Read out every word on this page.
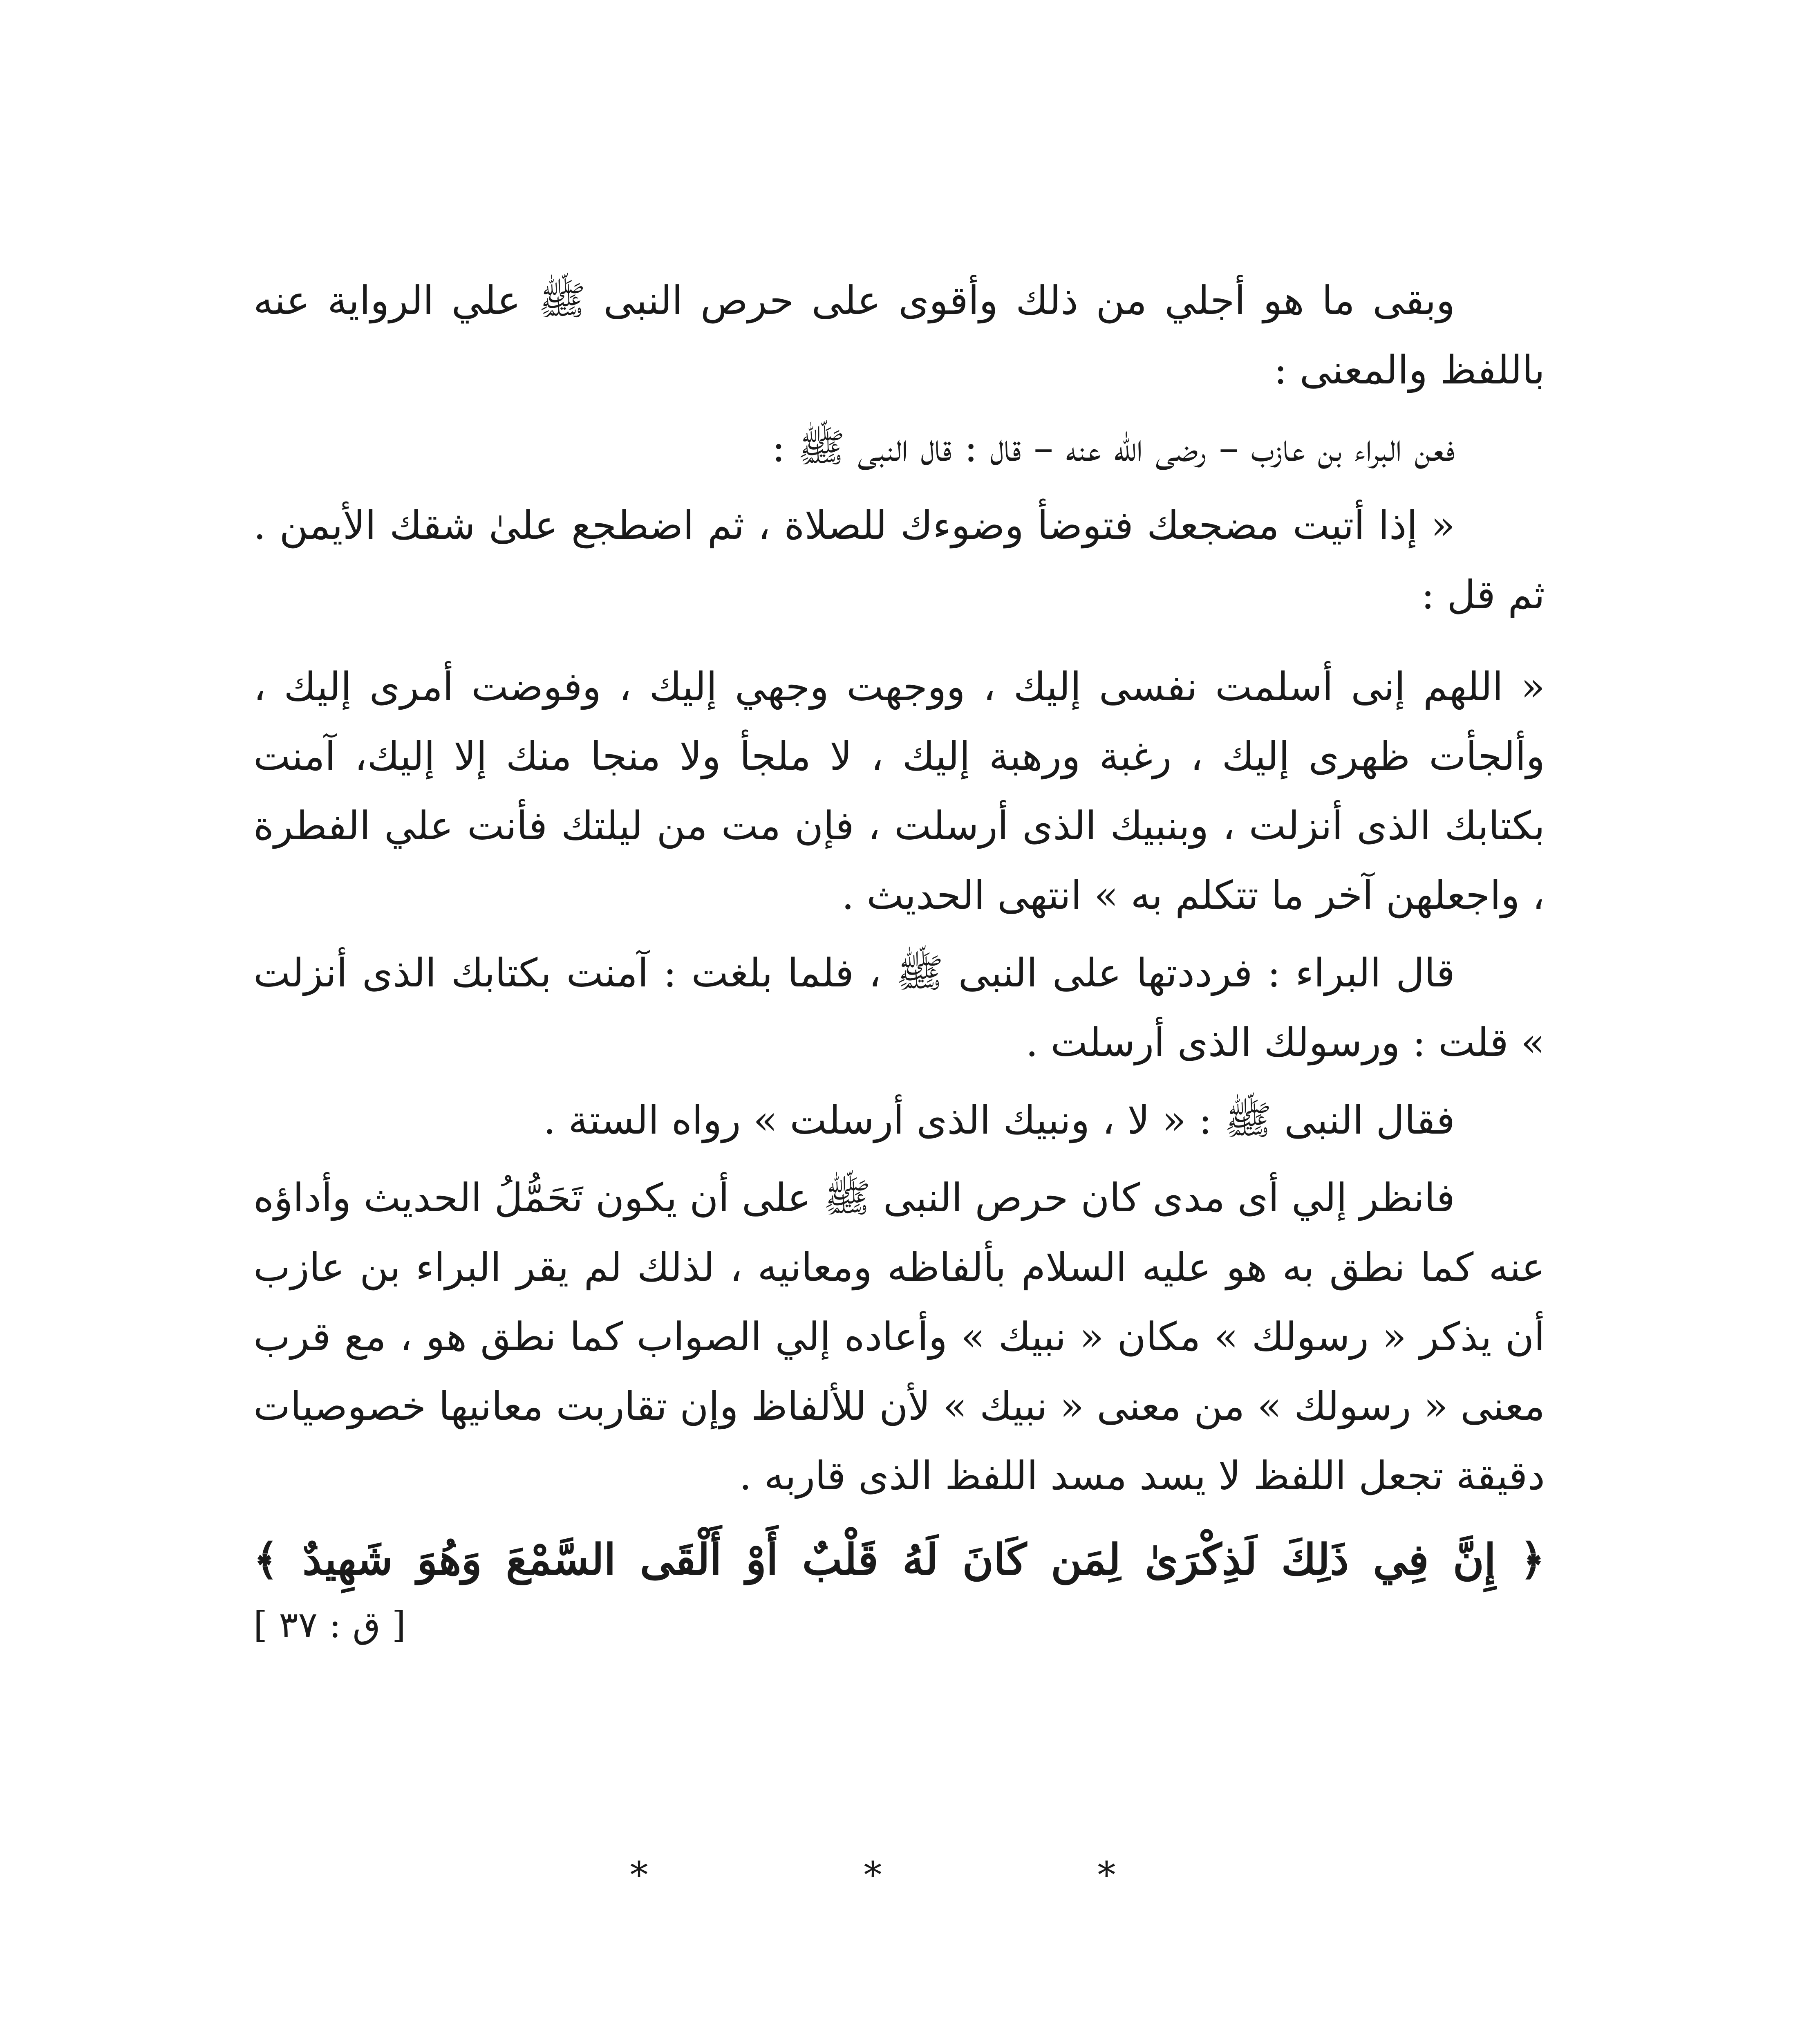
وبقى ما هو أجلي من ذلك وأقوى على حرص النبى ﷺ علي الرواية عنه باللفظ والمعنى :

فعن البراء بن عازب – رضى الله عنه – قال : قال النبى ﷺ :

« إذا أتيت مضجعك فتوضأ وضوءك للصلاة ، ثم اضطجع علىٰ شقك الأيمن . ثم قل :

« اللهم إنى أسلمت نفسى إليك ، ووجهت وجهي إليك ، وفوضت أمرى إليك ، وألجأت ظهرى إليك ، رغبة ورهبة إليك ، لا ملجأ ولا منجا منك إلا إليك، آمنت بكتابك الذى أنزلت ، وبنبيك الذى أرسلت ، فإن مت من ليلتك فأنت علي الفطرة ، واجعلهن آخر ما تتكلم به » انتهى الحديث .

قال البراء : فرددتها على النبى ﷺ ، فلما بلغت : آمنت بكتابك الذى أنزلت » قلت : ورسولك الذى أرسلت .

فقال النبى ﷺ : « لا ، ونبيك الذى أرسلت » رواه الستة .

فانظر إلي أى مدى كان حرص النبى ﷺ على أن يكون تَحَمُّلُ الحديث وأداؤه عنه كما نطق به هو عليه السلام بألفاظه ومعانيه ، لذلك لم يقر البراء بن عازب أن يذكر « رسولك » مكان « نبيك » وأعاده إلي الصواب كما نطق هو ، مع قرب معنى « رسولك » من معنى « نبيك » لأن للألفاظ وإن تقاربت معانيها خصوصيات دقيقة تجعل اللفظ لا يسد مسد اللفظ الذى قاربه .

﴿ إِنَّ فِي ذَلِكَ لَذِكْرَىٰ لِمَن كَانَ لَهُ قَلْبٌ أَوْ أَلْقَى السَّمْعَ وَهُوَ شَهِيدٌ ﴾

[ ق : ٣٧ ]

*	*	*
